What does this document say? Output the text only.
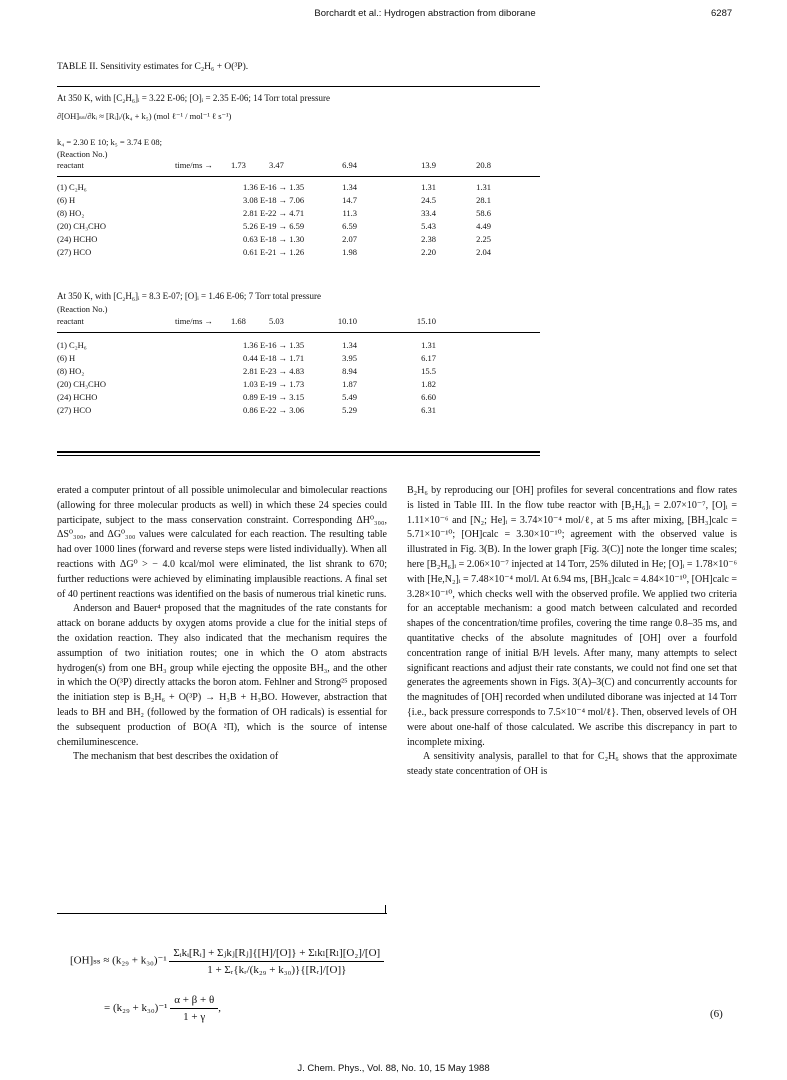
Borchardt et al.: Hydrogen abstraction from diborane	6287
TABLE II. Sensitivity estimates for C₂H₆ + O(³P).
At 350 K, with [C₂H₆]ᵢ = 3.22 E-06; [O]ᵢ = 2.35 E-06; 14 Torr total pressure
∂[OH]ₛₛ/∂kᵢ ≈ [Rᵢ]ᵢ/(k₄ + k₅) (mol ℓ⁻¹ / mol⁻¹ ℓ s⁻¹)
k₄ = 2.30 E 10; k₅ = 3.74 E 08;
(Reaction No.)
reactant	time/ms → 1.73	3.47	6.94	13.9	20.8
(1) C₂H₆	1.36 E-16 → 1.35	1.34	1.31	1.31
(6) H	3.08 E-18 → 7.06	14.7	24.5	28.1
(8) HO₂	2.81 E-22 → 4.71	11.3	33.4	58.6
(20) CH₃CHO	5.26 E-19 → 6.59	6.59	5.43	4.49
(24) HCHO	0.63 E-18 → 1.30	2.07	2.38	2.25
(27) HCO	0.61 E-21 → 1.26	1.98	2.20	2.04
At 350 K, with [C₂H₆]ᵢ = 8.3 E-07; [O]ᵢ = 1.46 E-06; 7 Torr total pressure
(Reaction No.)
reactant	time/ms → 1.68	5.03	10.10	15.10
(1) C₂H₆	1.36 E-16 → 1.35	1.34	1.31
(6) H	0.44 E-18 → 1.71	3.95	6.17
(8) HO₂	2.81 E-23 → 4.83	8.94	15.5
(20) CH₃CHO	1.03 E-19 → 1.73	1.87	1.82
(24) HCHO	0.89 E-19 → 3.15	5.49	6.60
(27) HCO	0.86 E-22 → 3.06	5.29	6.31

erated a computer printout of all possible unimolecular and bimolecular reactions (allowing for three molecular products as well) in which these 24 species could participate, subject to the mass conservation constraint. Corresponding ΔH⁰₃₀₀, ΔS⁰₃₀₀, and ΔG⁰₃₀₀ values were calculated for each reaction. The resulting table had over 1000 lines (forward and reverse steps were listed individually). When all reactions with ΔG⁰ > − 4.0 kcal/mol were eliminated, the list shrank to 670; further reductions were achieved by eliminating implausible reactions. A final set of 40 pertinent reactions was identified on the basis of numerous trial kinetic runs.

Anderson and Bauer⁴ proposed that the magnitudes of the rate constants for attack on borane adducts by oxygen atoms provide a clue for the initial steps of the oxidation reaction. They also indicated that the mechanism requires the assumption of two initiation routes; one in which the O atom abstracts hydrogen(s) from one BH₃ group while ejecting the opposite BH₃, and the other in which the O(³P) directly attacks the boron atom. Fehlner and Strong²⁵ proposed the initiation step is B₂H₆ + O(³P) → H₃B + H₃BO. However, abstraction that leads to BH and BH₂ (followed by the formation of OH radicals) is essential for the subsequent production of BO(A ²Π), which is the source of intense chemiluminescence.

The mechanism that best describes the oxidation of

B₂H₆ by reproducing our [OH] profiles for several concentrations and flow rates is listed in Table III. In the flow tube reactor with [B₂H₆]ᵢ = 2.07×10⁻⁷, [O]ᵢ = 1.11×10⁻⁶ and [N₂; He]ᵢ = 3.74×10⁻⁴ mol/ℓ, at 5 ms after mixing, [BH₃]calc = 5.71×10⁻¹⁰; [OH]calc = 3.30×10⁻¹⁰; agreement with the observed value is illustrated in Fig. 3(B). In the lower graph [Fig. 3(C)] note the longer time scales; here [B₂H₆]ᵢ = 2.06×10⁻⁷ injected at 14 Torr, 25% diluted in He; [O]ᵢ = 1.78×10⁻⁶ with [He,N₂]ᵢ = 7.48×10⁻⁴ mol/l. At 6.94 ms, [BH₃]calc = 4.84×10⁻¹⁰, [OH]calc = 3.28×10⁻¹⁰, which checks well with the observed profile. We applied two criteria for an acceptable mechanism: a good match between calculated and recorded shapes of the concentration/time profiles, covering the time range 0.8–35 ms, and quantitative checks of the absolute magnitudes of [OH] over a fourfold concentration range of initial B/H levels. After many, many attempts to select significant reactions and adjust their rate constants, we could not find one set that generates the agreements shown in Figs. 3(A)–3(C) and concurrently accounts for the magnitudes of [OH] recorded when undiluted diborane was injected at 14 Torr {i.e., back pressure corresponds to 7.5×10⁻⁴ mol/ℓ}. Then, observed levels of OH were about one-half of those calculated. We ascribe this discrepancy in part to incomplete mixing.

A sensitivity analysis, parallel to that for C₂H₆ shows that the approximate steady state concentration of OH is

$[OH]_{ss} \approx (k_{29} + k_{30})^{-1} \frac{\text{Σᵢkᵢ[Rᵢ] + Σⱼkⱼ[Rⱼ]\{[H]/[O]\} + Σₗkₗ[Rₗ][O₂]/[O]}}{\text{1 + Σᵣ\{kᵣ/(k₂₉ + k₃₀)\}\{[Rᵣ]/[O]\}}}$
= $(k_{29} + k_{30})^{-1} \frac{\alpha + \beta + \theta}{1 + \gamma}$ ,	(6)
J. Chem. Phys., Vol. 88, No. 10, 15 May 1988
